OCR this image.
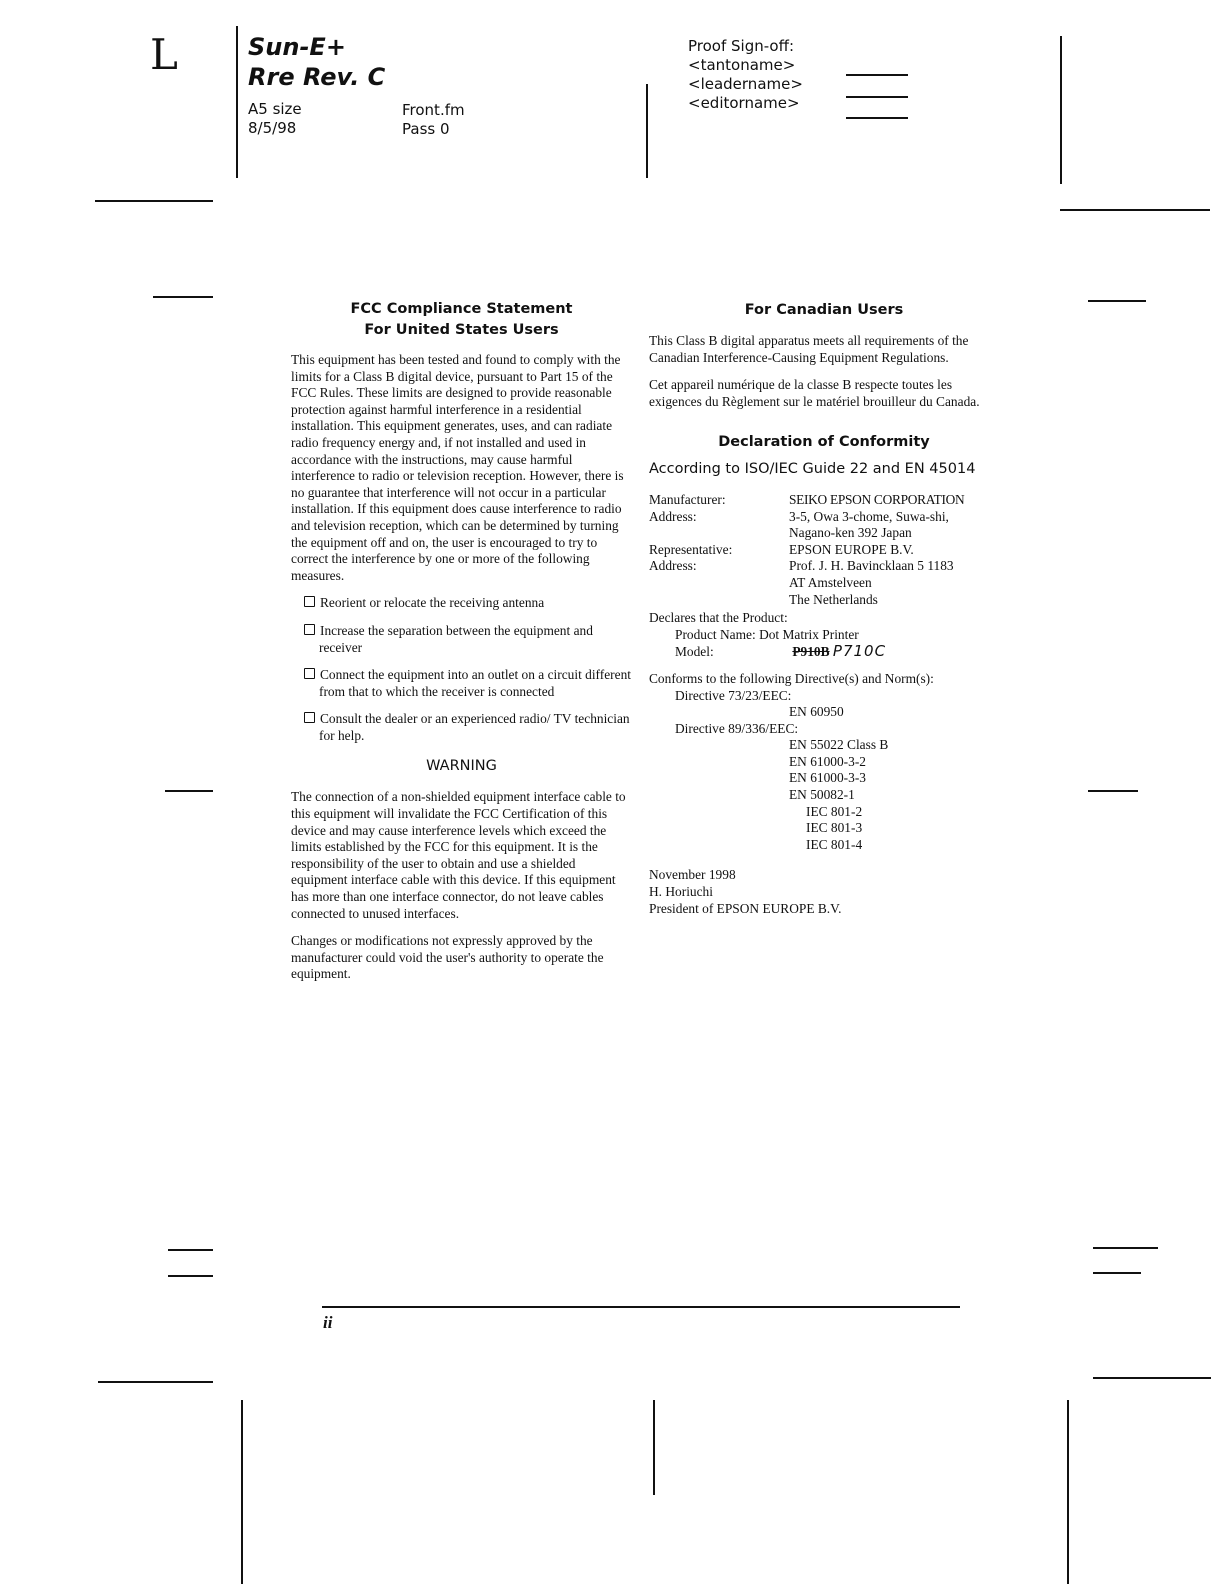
L	Sun-E+
Rre Rev. C
A5 size
8/5/98
Front.fm
Pass 0
Proof Sign-off:
<tantoname>
<leadername>
<editorname>
FCC Compliance Statement
For United States Users

This equipment has been tested and found to comply with the limits for a Class B digital device, pursuant to Part 15 of the FCC Rules. These limits are designed to provide reasonable protection against harmful interference in a residential installation. This equipment generates, uses, and can radiate radio frequency energy and, if not installed and used in accordance with the instructions, may cause harmful interference to radio or television reception. However, there is no guarantee that interference will not occur in a particular installation. If this equipment does cause interference to radio and television reception, which can be determined by turning the equipment off and on, the user is encouraged to try to correct the interference by one or more of the following measures.

Reorient or relocate the receiving antenna
Increase the separation between the equipment and receiver
Connect the equipment into an outlet on a circuit different from that to which the receiver is connected
Consult the dealer or an experienced radio/ TV technician for help.
WARNING

The connection of a non-shielded equipment interface cable to this equipment will invalidate the FCC Certification of this device and may cause interference levels which exceed the limits established by the FCC for this equipment. It is the responsibility of the user to obtain and use a shielded equipment interface cable with this device. If this equipment has more than one interface connector, do not leave cables connected to unused interfaces.

Changes or modifications not expressly approved by the manufacturer could void the user's authority to operate the equipment.

For Canadian Users

This Class B digital apparatus meets all requirements of the Canadian Interference-Causing Equipment Regulations.

Cet appareil numérique de la classe B respecte toutes les exigences du Règlement sur le matériel brouilleur du Canada.

Declaration of Conformity
According to ISO/IEC Guide 22 and EN 45014
Manufacturer:	SEIKO EPSON CORPORATION
Address:	3-5, Owa 3-chome, Suwa-shi,
	Nagano-ken 392 Japan
Representative:	EPSON EUROPE B.V.
Address:	Prof. J. H. Bavincklaan 5 1183
	AT Amstelveen
	The Netherlands
Declares that the Product:
Product Name: Dot Matrix Printer
Model:	P910B P710C
Conforms to the following Directive(s) and Norm(s):
Directive 73/23/EEC:
EN 60950
Directive 89/336/EEC:
EN 55022 Class B
EN 61000-3-2
EN 61000-3-3
EN 50082-1
IEC 801-2
IEC 801-3
IEC 801-4
November 1998
H. Horiuchi
President of EPSON EUROPE B.V.
ii
